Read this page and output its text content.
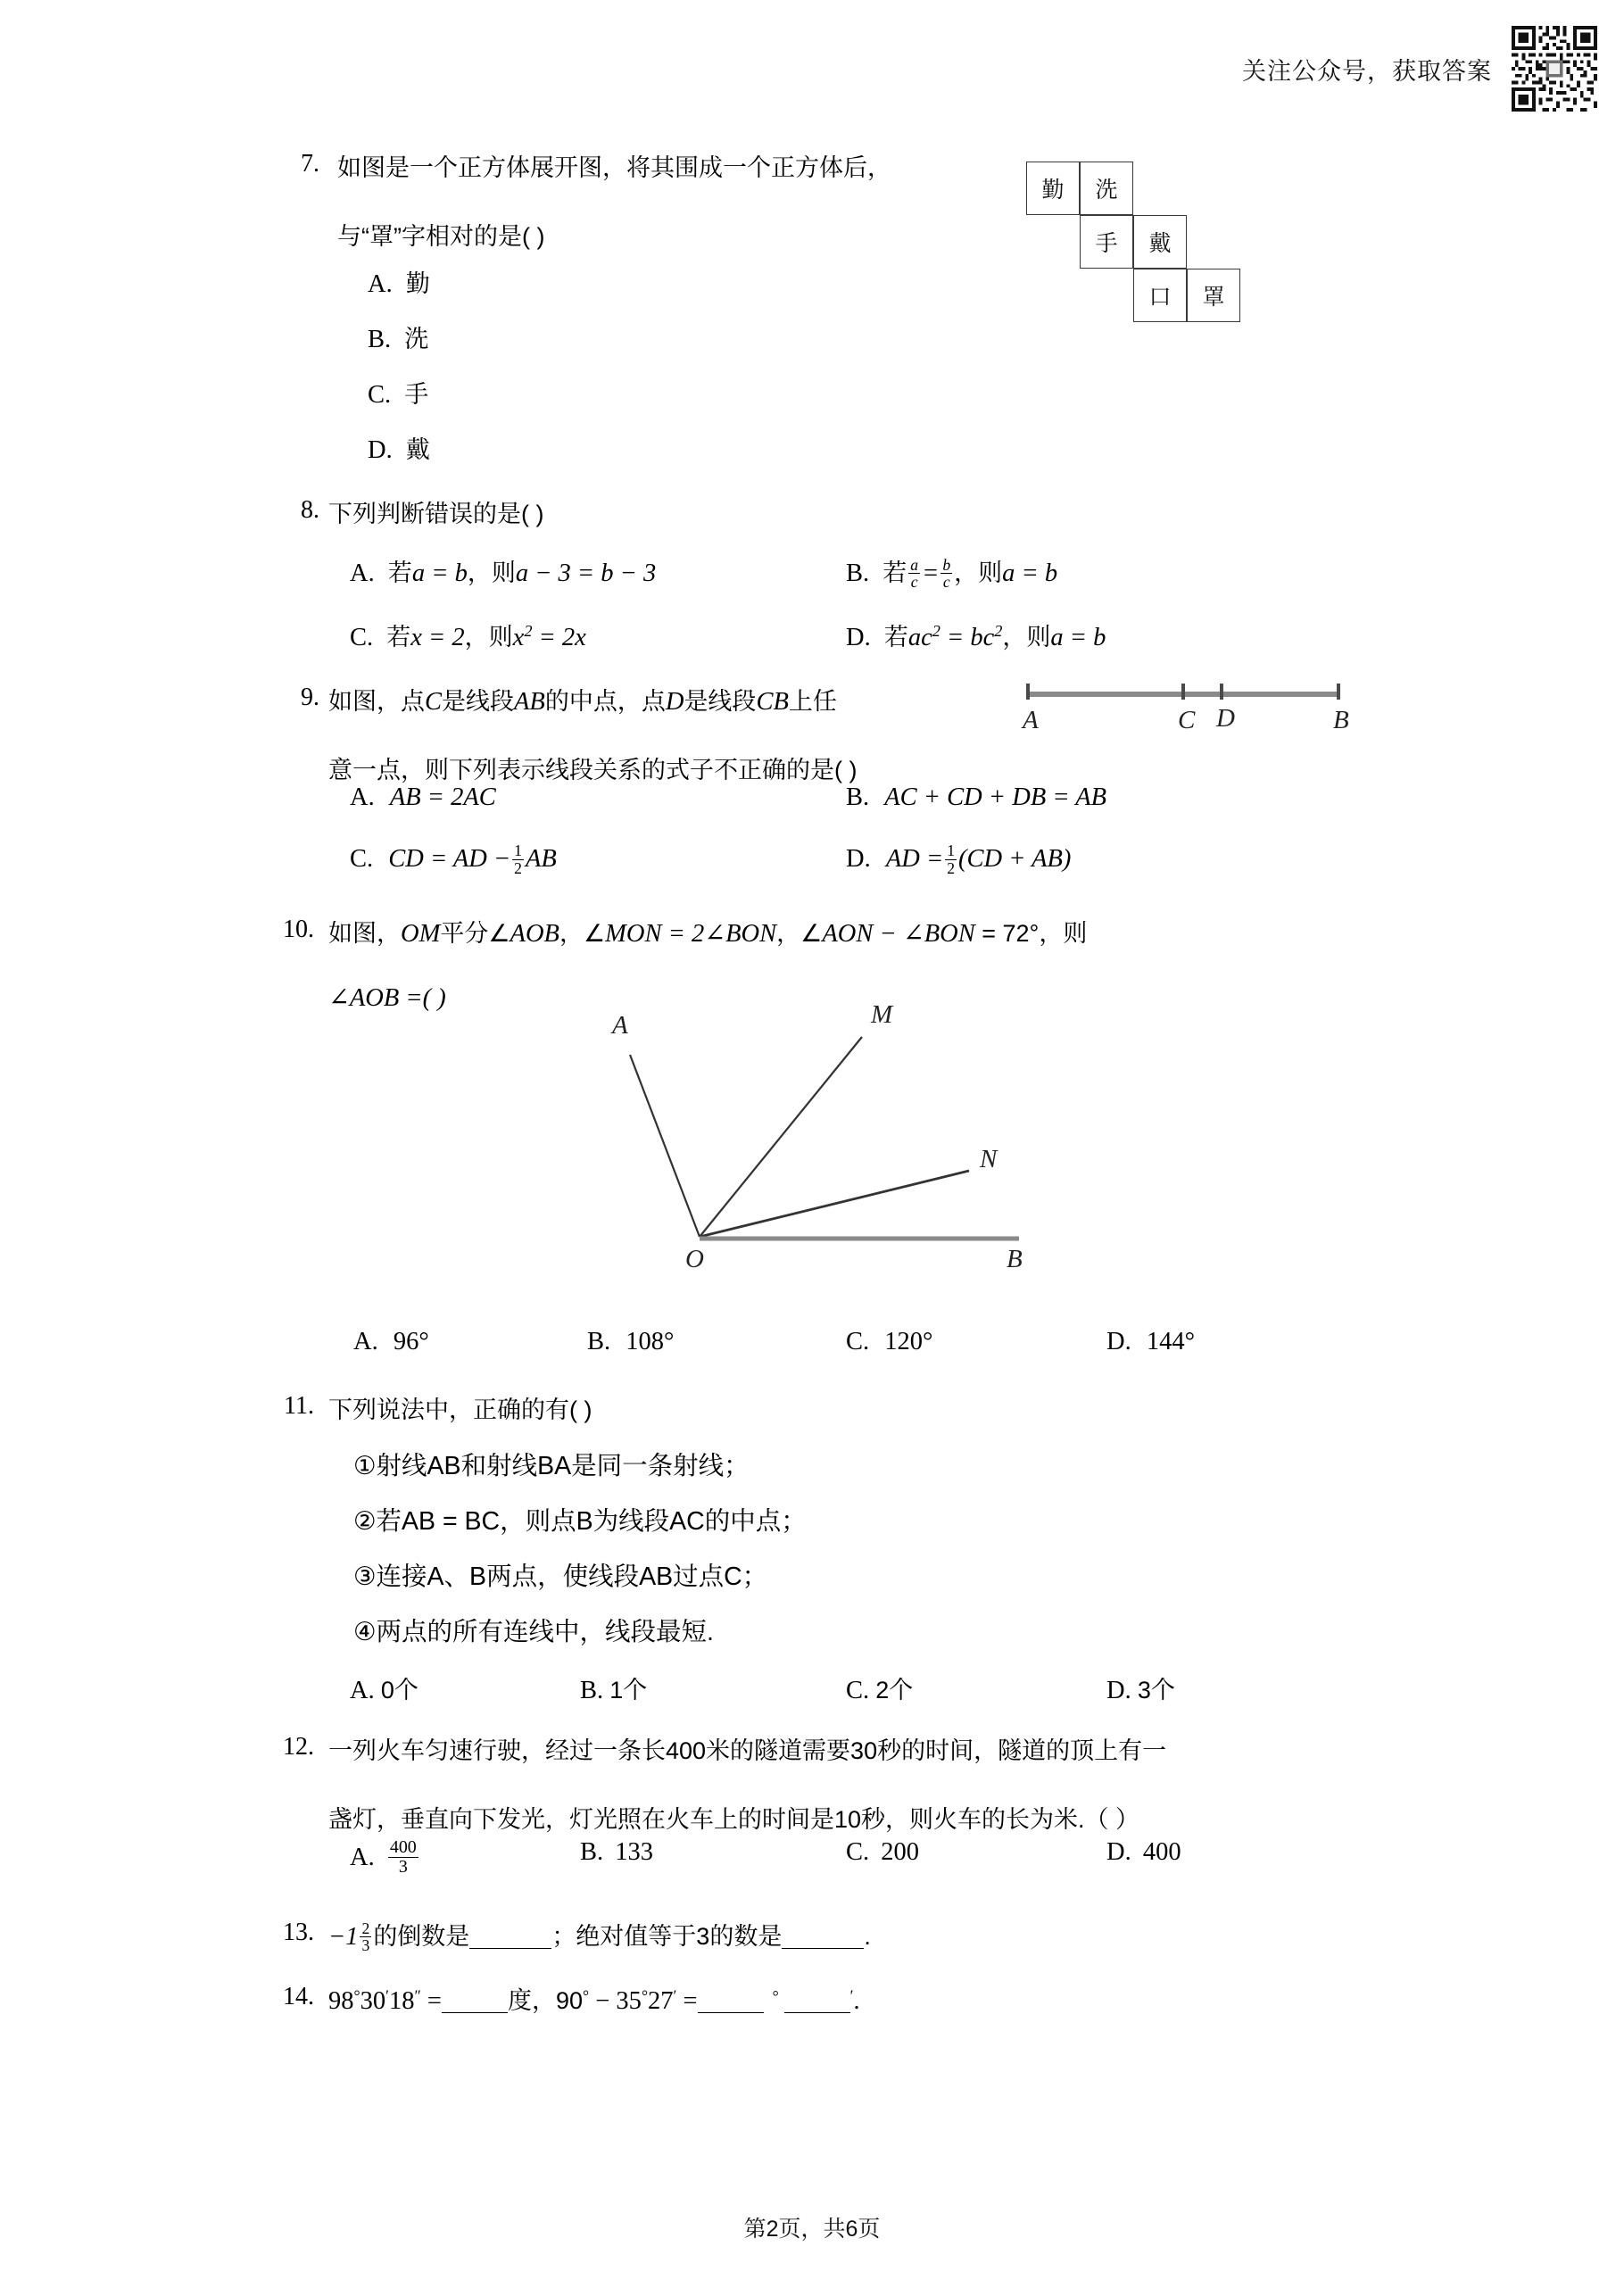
关注公众号，获取答案
7. 如图是一个正方体展开图，将其围成一个正方体后，
与“罩”字相对的是( )
A. 勤
B. 洗
C. 手
D. 戴
勤 洗
手 戴
口 罩
8. 下列判断错误的是( )
A. 若a = b，则a − 3 = b − 3	B. 若 $\frac{a}{c} = \frac{b}{c}$ ，则a = b
C. 若x = 2，则$x^2 = 2x$	D. 若$ac^2 = bc^2$，则a = b
9. 如图，点C是线段AB的中点，点D是线段CB上任
意一点，则下列表示线段关系的式子不正确的是( )
A	C D	B
A. AB = 2AC	B. AC + CD + DB = AB
C. CD = AD − $\frac{1}{2}$ AB	D. AD = $\frac{1}{2} (CD + AB)$
10. 如图，OM平分∠AOB，∠MON = 2∠BON，∠AON − ∠BON = 72°，则
∠AOB =( )
A	M
N
O	B
A. 96°	B. 108°	C. 120°	D. 144°
11. 下列说法中，正确的有( )
①射线AB和射线BA是同一条射线；
②若AB = BC，则点B为线段AC的中点；
③连接A、B两点，使线段AB过点C；
④两点的所有连线中，线段最短.
A. 0个	B. 1个	C. 2个	D. 3个
12. 一列火车匀速行驶，经过一条长400米的隧道需要30秒的时间，隧道的顶上有一
盏灯，垂直向下发光，灯光照在火车上的时间是10秒，则火车的长为米.（ ）
A. $\frac{400}{3}$	B. 133	C. 200	D. 400
13. $-1 \frac{2}{3}$ 的倒数是	；绝对值等于3的数是	.
14. 98°30′18″ =	度，90° − 35°27′ =	°	′.
第2页，共6页
